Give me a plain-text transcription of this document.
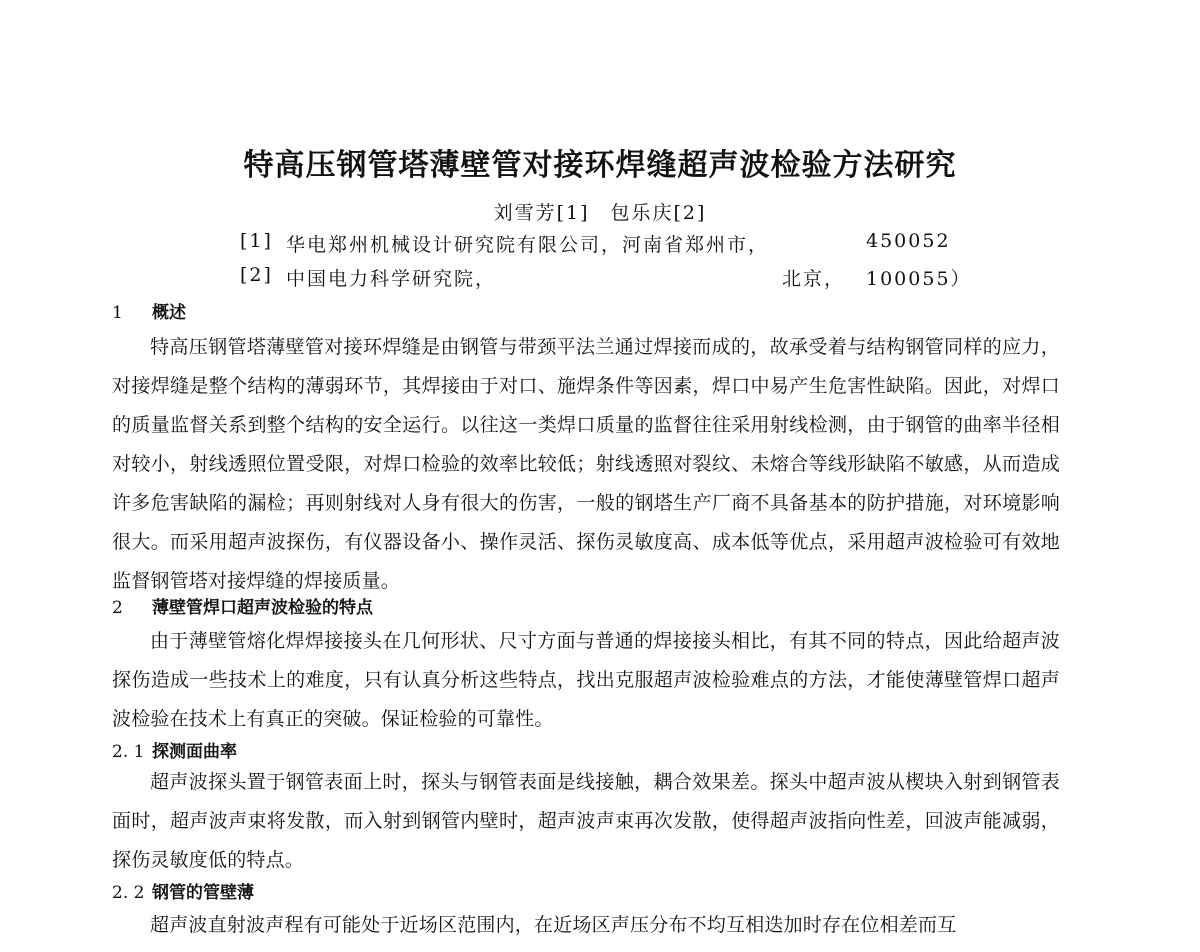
特高压钢管塔薄壁管对接环焊缝超声波检验方法研究
刘雪芳[1]　包乐庆[2]
[1] 华电郑州机械设计研究院有限公司，河南省郑州市，	450052
[2] 中国电力科学研究院，	北京， 100055）
1 概述
特高压钢管塔薄壁管对接环焊缝是由钢管与带颈平法兰通过焊接而成的，故承受着与结构钢管同样的应力，对接焊缝是整个结构的薄弱环节，其焊接由于对口、施焊条件等因素，焊口中易产生危害性缺陷。因此，对焊口的质量监督关系到整个结构的安全运行。以往这一类焊口质量的监督往往采用射线检测，由于钢管的曲率半径相对较小，射线透照位置受限，对焊口检验的效率比较低；射线透照对裂纹、未熔合等线形缺陷不敏感，从而造成许多危害缺陷的漏检；再则射线对人身有很大的伤害，一般的钢塔生产厂商不具备基本的防护措施，对环境影响很大。而采用超声波探伤，有仪器设备小、操作灵活、探伤灵敏度高、成本低等优点，采用超声波检验可有效地监督钢管塔对接焊缝的焊接质量。
2 薄壁管焊口超声波检验的特点
由于薄壁管熔化焊焊接接头在几何形状、尺寸方面与普通的焊接接头相比，有其不同的特点，因此给超声波探伤造成一些技术上的难度，只有认真分析这些特点，找出克服超声波检验难点的方法，才能使薄壁管焊口超声波检验在技术上有真正的突破。保证检验的可靠性。
2. 1 探测面曲率
超声波探头置于钢管表面上时，探头与钢管表面是线接触，耦合效果差。探头中超声波从楔块入射到钢管表面时，超声波声束将发散，而入射到钢管内壁时，超声波声束再次发散，使得超声波指向性差，回波声能减弱，探伤灵敏度低的特点。
2. 2 钢管的管壁薄
超声波直射波声程有可能处于近场区范围内，在近场区声压分布不均互相迭加时存在位相差而互
